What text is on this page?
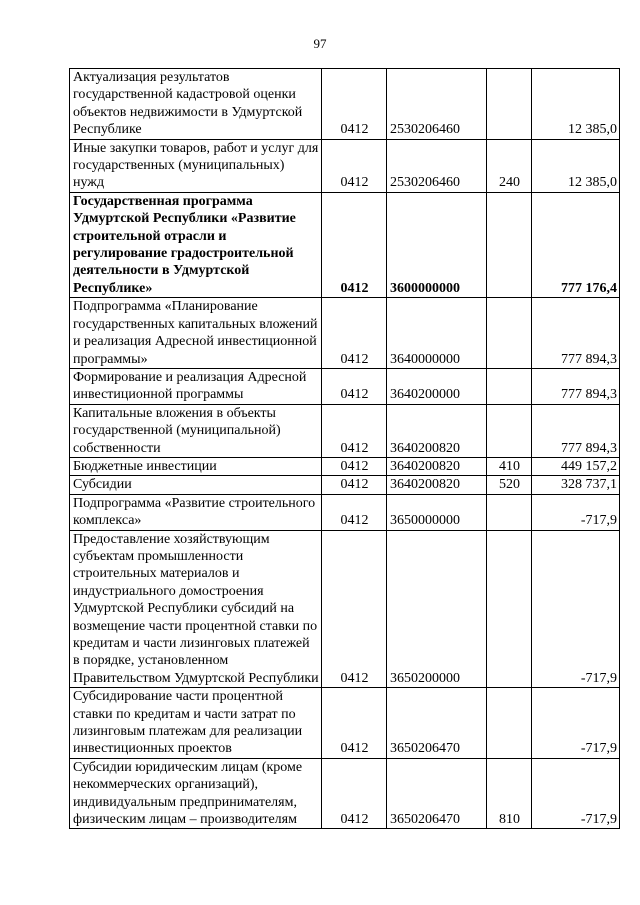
97
Актуализация результатов государственной кадастровой оценки объектов недвижимости в Удмуртской Республике	0412	2530206460		12 385,0
Иные закупки товаров, работ и услуг для государственных (муниципальных) нужд	0412	2530206460	240	12 385,0
Государственная программа Удмуртской Республики «Развитие строительной отрасли и регулирование градостроительной деятельности в Удмуртской Республике»	0412	3600000000		777 176,4
Подпрограмма «Планирование государственных капитальных вложений и реализация Адресной инвестиционной программы»	0412	3640000000		777 894,3
Формирование и реализация Адресной инвестиционной программы	0412	3640200000		777 894,3
Капитальные вложения в объекты государственной (муниципальной) собственности	0412	3640200820		777 894,3
Бюджетные инвестиции	0412	3640200820	410	449 157,2
Субсидии	0412	3640200820	520	328 737,1
Подпрограмма «Развитие строительного комплекса»	0412	3650000000		-717,9
Предоставление хозяйствующим субъектам промышленности строительных материалов и индустриального домостроения Удмуртской Республики субсидий на возмещение части процентной ставки по кредитам и части лизинговых платежей в порядке, установленном Правительством Удмуртской Республики	0412	3650200000		-717,9
Субсидирование части процентной ставки по кредитам и части затрат по лизинговым платежам для реализации инвестиционных проектов	0412	3650206470		-717,9
Субсидии юридическим лицам (кроме некоммерческих организаций), индивидуальным предпринимателям, физическим лицам – производителям	0412	3650206470	810	-717,9
